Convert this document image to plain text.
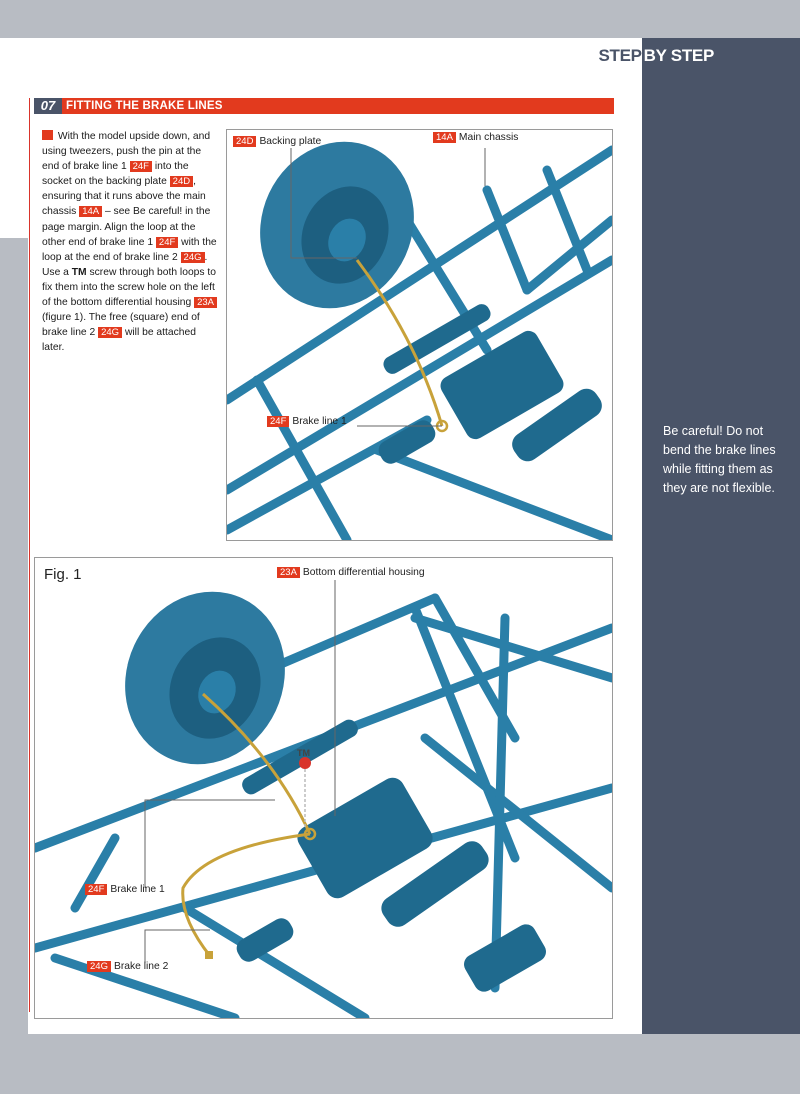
STEP BY STEP
07 FITTING THE BRAKE LINES
With the model upside down, and using tweezers, push the pin at the end of brake line 1 24F into the socket on the backing plate 24D , ensuring that it runs above the main chassis 14A – see Be careful! in the page margin. Align the loop at the other end of brake line 1 24F with the loop at the end of brake line 2 24G . Use a TM screw through both loops to fix them into the screw hole on the left of the bottom differential housing 23A (figure 1). The free (square) end of brake line 2 24G will be attached later.
24D Backing plate	14A Main chassis
24F Brake line 1
Fig. 1
TM
23A Bottom differential housing
24F Brake line 1
24G Brake line 2
Be careful! Do not bend the brake lines while fitting them as they are not flexible.
